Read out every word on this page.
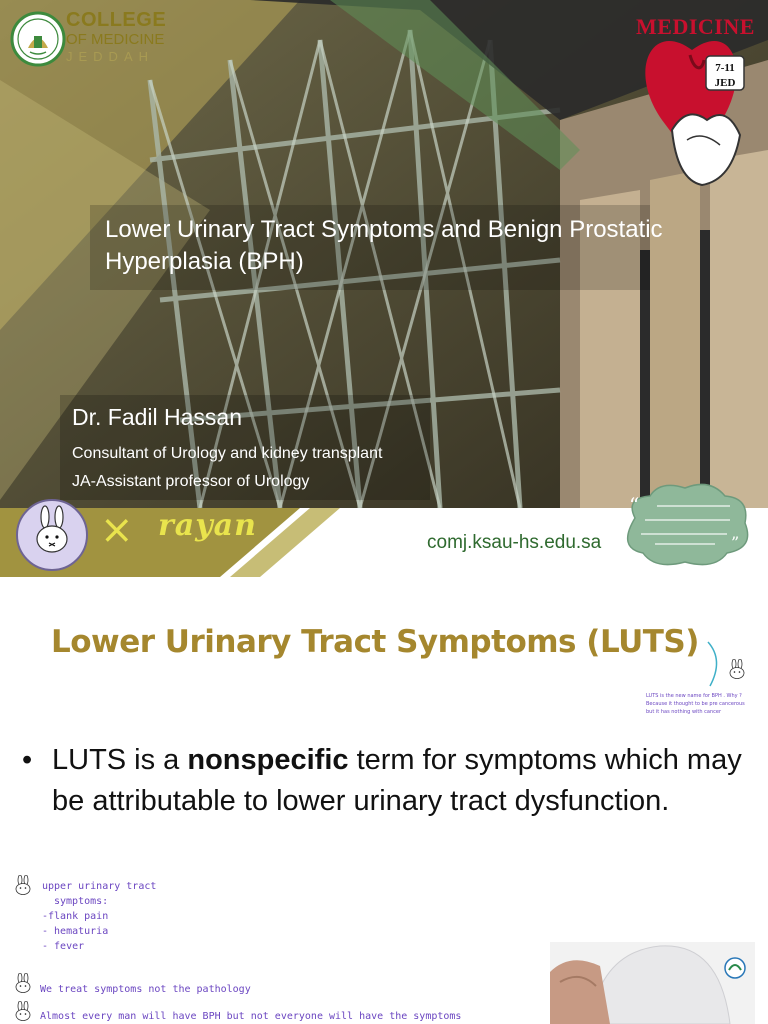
COLLEGE
OF MEDICINE
JEDDAH
7-11
JED
MEDICINE
Lower Urinary Tract Symptoms and Benign Prostatic Hyperplasia (BPH)
Dr. Fadil Hassan
Consultant of Urology and kidney transplant
JA-Assistant professor of Urology
× rayan	comj.ksau-hs.edu.sa
“
”
Lower Urinary Tract Symptoms (LUTS)
LUTS is the new name for BPH . Why ?
Because it thought to be pre cancerous
but it has nothing with cancer
• LUTS is a nonspecific term for symptoms which may be attributable to lower urinary tract dysfunction.
upper urinary tract
symptoms:
-flank pain
- hematuria
- fever
We treat symptoms not the pathology
Almost every man will have BPH but not everyone will have the symptoms
